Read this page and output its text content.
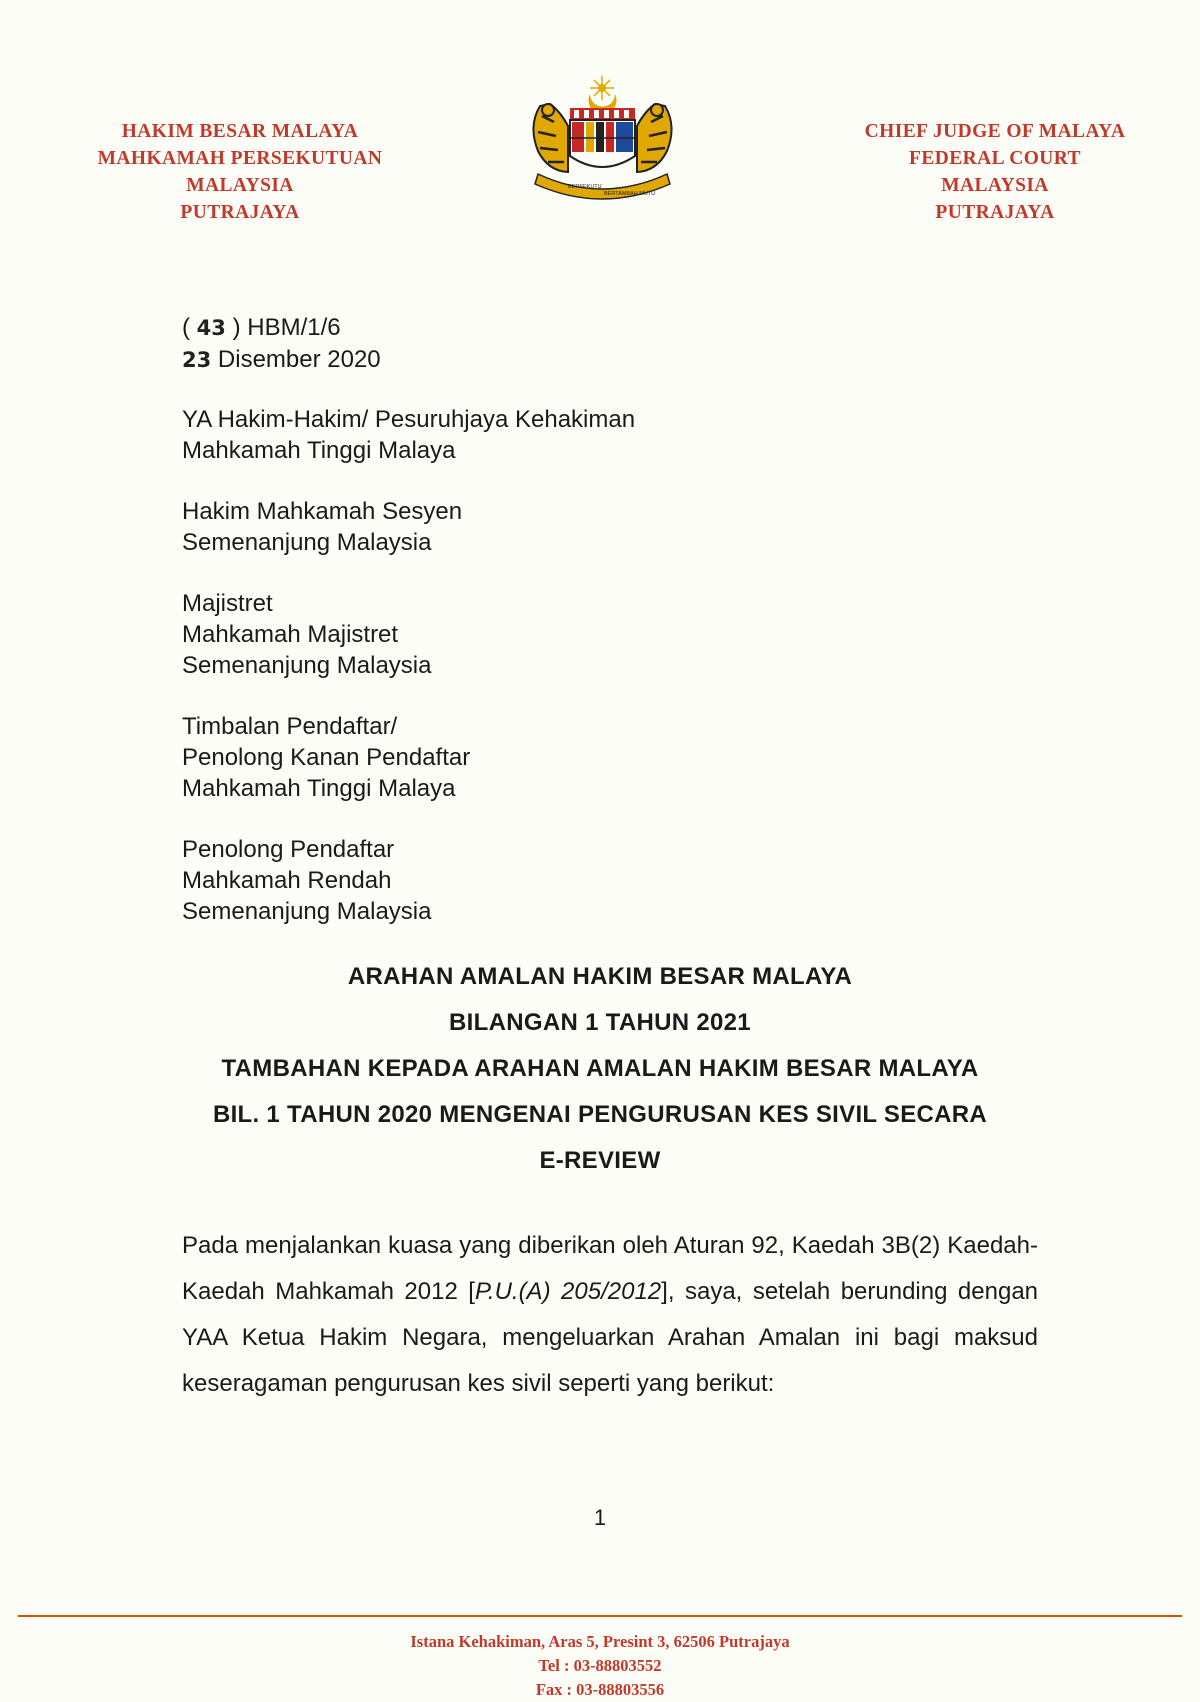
HAKIM BESAR MALAYA
MAHKAMAH PERSEKUTUAN
MALAYSIA
PUTRAJAYA
BERSEKUTU
BERTAMBAH MUTU
CHIEF JUDGE OF MALAYA
FEDERAL COURT
MALAYSIA
PUTRAJAYA
( 43 ) HBM/1/6
23 Disember 2020
YA Hakim-Hakim/ Pesuruhjaya Kehakiman
Mahkamah Tinggi Malaya
Hakim Mahkamah Sesyen
Semenanjung Malaysia
Majistret
Mahkamah Majistret
Semenanjung Malaysia
Timbalan Pendaftar/
Penolong Kanan Pendaftar
Mahkamah Tinggi Malaya
Penolong Pendaftar
Mahkamah Rendah
Semenanjung Malaysia
ARAHAN AMALAN HAKIM BESAR MALAYA
BILANGAN 1 TAHUN 2021
TAMBAHAN KEPADA ARAHAN AMALAN HAKIM BESAR MALAYA
BIL. 1 TAHUN 2020 MENGENAI PENGURUSAN KES SIVIL SECARA
E-REVIEW

Pada menjalankan kuasa yang diberikan oleh Aturan 92, Kaedah 3B(2) Kaedah-Kaedah Mahkamah 2012 [P.U.(A) 205/2012], saya, setelah berunding dengan YAA Ketua Hakim Negara, mengeluarkan Arahan Amalan ini bagi maksud keseragaman pengurusan kes sivil seperti yang berikut:

1
Istana Kehakiman, Aras 5, Presint 3, 62506 Putrajaya
Tel : 03-88803552
Fax : 03-88803556
